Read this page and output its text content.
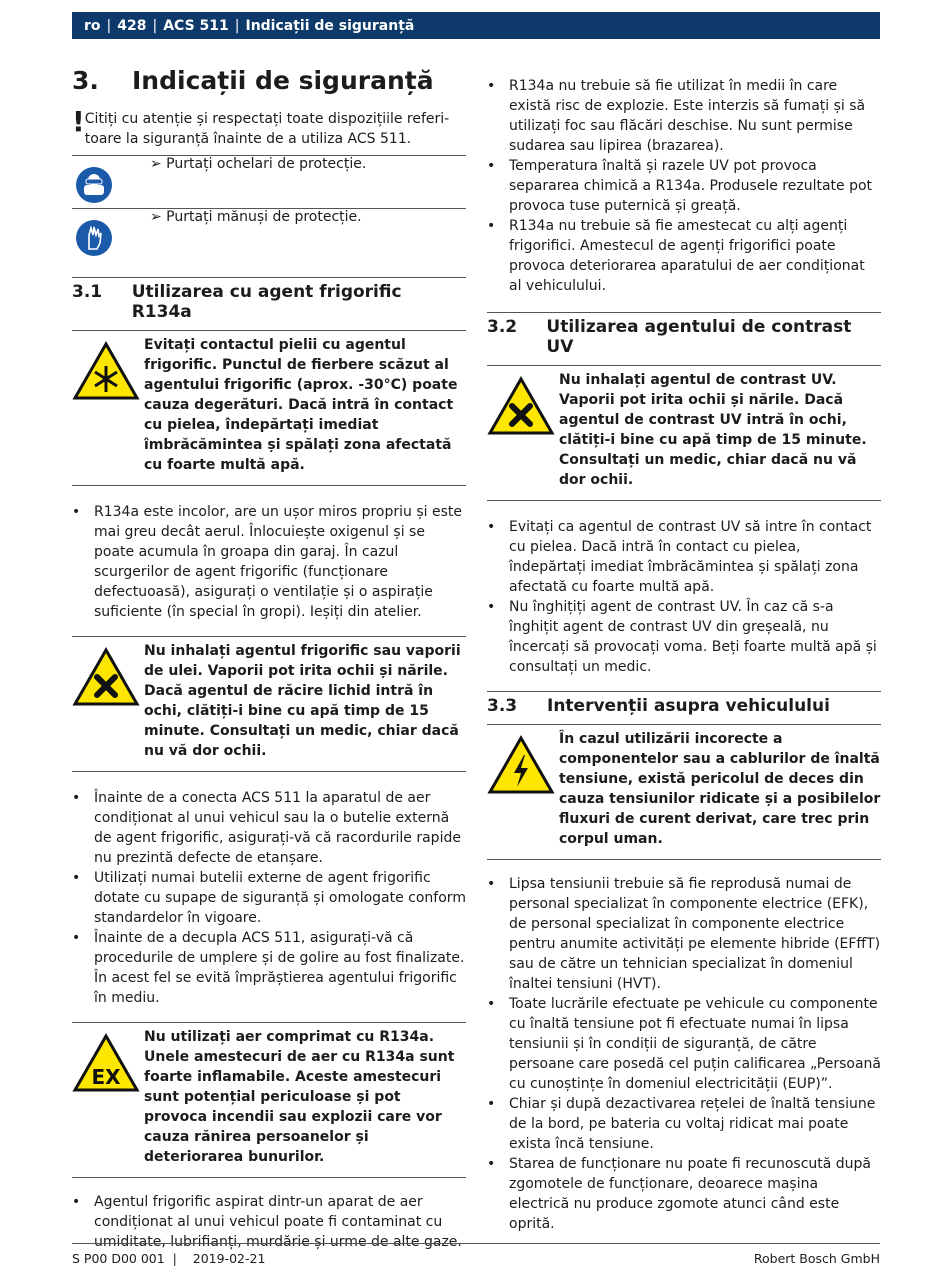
ro | 428 | ACS 511 | Indicații de siguranță
3.	Indicații de siguranță
! Citiți cu atenție și respectați toate dispozițiile referi-toare la siguranță înainte de a utiliza ACS 511.
➢ Purtați ochelari de protecție.
➢ Purtați mănuși de protecție.
3.1	Utilizarea cu agent frigorific R134a
Evitați contactul pielii cu agentul frigorific. Punctul de fierbere scăzut al agentului frigorific (aprox. -30°C) poate cauza degerături. Dacă intră în contact cu pielea, îndepărtați imediat îmbrăcămintea și spălați zona afectată cu foarte multă apă.
• R134a este incolor, are un ușor miros propriu și este mai greu decât aerul. Înlocuiește oxigenul și se poate acumula în groapa din garaj. În cazul scurgerilor de agent frigorific (funcționare defectuoasă), asigurați o ventilație și o aspirație suficiente (în special în gropi). Ieșiți din atelier.
Nu inhalați agentul frigorific sau vaporii de ulei. Vaporii pot irita ochii și nările. Dacă agentul de răcire lichid intră în ochi, clătiți-i bine cu apă timp de 15 minute. Consultați un medic, chiar dacă nu vă dor ochii.
• Înainte de a conecta ACS 511 la aparatul de aer condiționat al unui vehicul sau la o butelie externă de agent frigorific, asigurați-vă că racordurile rapide nu prezintă defecte de etanșare.
• Utilizați numai butelii externe de agent frigorific dotate cu supape de siguranță și omologate conform standardelor în vigoare.
• Înainte de a decupla ACS 511, asigurați-vă că procedurile de umplere și de golire au fost finalizate. În acest fel se evită împrăștierea agentului frigorific în mediu.
EX
Nu utilizați aer comprimat cu R134a. Unele amestecuri de aer cu R134a sunt foarte inflamabile. Aceste amestecuri sunt potențial periculoase și pot provoca incendii sau explozii care vor cauza rănirea persoanelor și deteriorarea bunurilor.
• Agentul frigorific aspirat dintr-un aparat de aer condiționat al unui vehicul poate fi contaminat cu umiditate, lubrifianți, murdărie și urme de alte gaze.
• R134a nu trebuie să fie utilizat în medii în care există risc de explozie. Este interzis să fumați și să utilizați foc sau flăcări deschise. Nu sunt permise sudarea sau lipirea (brazarea).
• Temperatura înaltă și razele UV pot provoca separarea chimică a R134a. Produsele rezultate pot provoca tuse puternică și greață.
• R134a nu trebuie să fie amestecat cu alți agenți frigorifici. Amestecul de agenți frigorifici poate provoca deteriorarea aparatului de aer condiționat al vehiculului.
3.2	Utilizarea agentului de contrast UV
Nu inhalați agentul de contrast UV. Vaporii pot irita ochii și nările. Dacă agentul de contrast UV intră în ochi, clătiți-i bine cu apă timp de 15 minute. Consultați un medic, chiar dacă nu vă dor ochii.
• Evitați ca agentul de contrast UV să intre în contact cu pielea. Dacă intră în contact cu pielea, îndepărtați imediat îmbrăcămintea și spălați zona afectată cu foarte multă apă.
• Nu înghițiți agent de contrast UV. În caz că s-a înghițit agent de contrast UV din greșeală, nu încercați să provocați voma. Beți foarte multă apă și consultați un medic.
3.3	Intervenții asupra vehiculului
În cazul utilizării incorecte a componentelor sau a cablurilor de înaltă tensiune, există pericolul de deces din cauza tensiunilor ridicate și a posibilelor fluxuri de curent derivat, care trec prin corpul uman.
• Lipsa tensiunii trebuie să fie reprodusă numai de personal specializat în componente electrice (EFK), de personal specializat în componente electrice pentru anumite activități pe elemente hibride (EFffT) sau de către un tehnician specializat în domeniul înaltei tensiuni (HVT).
• Toate lucrările efectuate pe vehicule cu componente cu înaltă tensiune pot fi efectuate numai în lipsa tensiunii și în condiții de siguranță, de către persoane care posedă cel puțin calificarea „Persoană cu cunoștințe în domeniul electricității (EUP)”.
• Chiar și după dezactivarea rețelei de înaltă tensiune de la bord, pe bateria cu voltaj ridicat mai poate exista încă tensiune.
• Starea de funcționare nu poate fi recunoscută după zgomotele de funcționare, deoarece mașina electrică nu produce zgomote atunci când este oprită.
S P00 D00 001  |    2019-02-21	Robert Bosch GmbH
